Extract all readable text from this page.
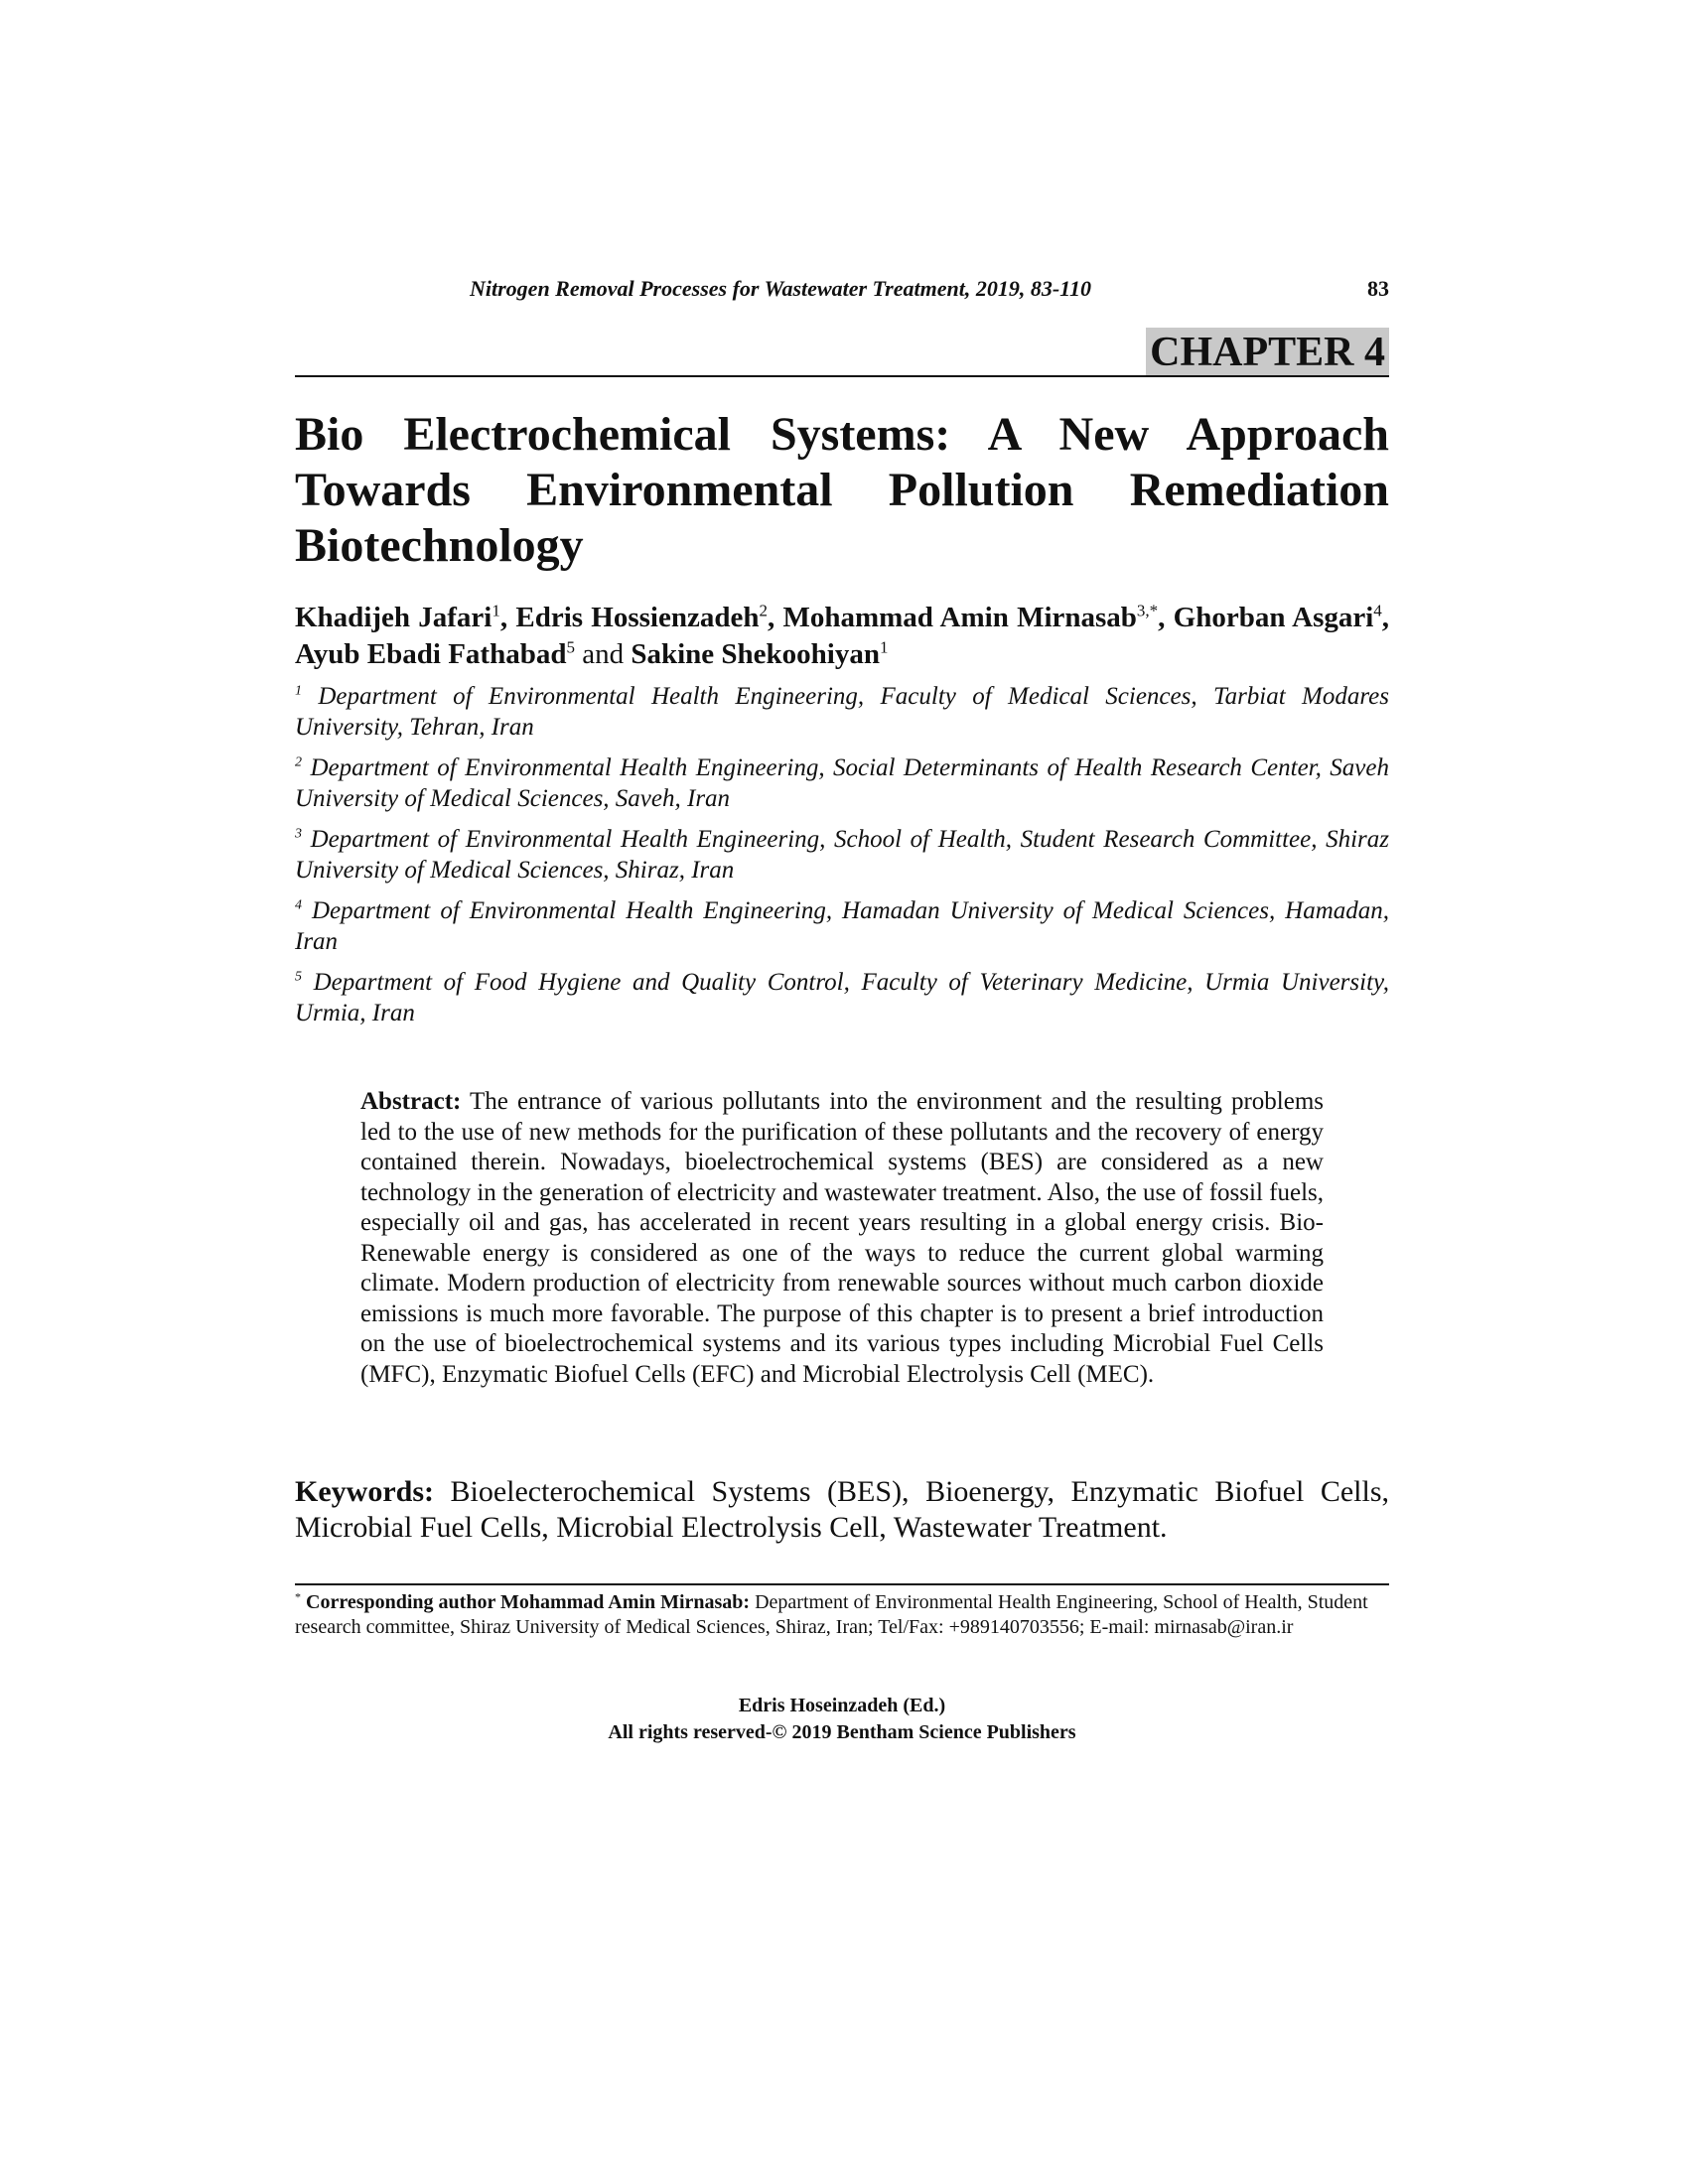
Nitrogen Removal Processes for Wastewater Treatment, 2019, 83-110	83
CHAPTER 4
Bio Electrochemical Systems: A New Approach Towards Environmental Pollution Remediation Biotechnology
Khadijeh Jafari$^1$, Edris Hossienzadeh$^2$, Mohammad Amin Mirnasab$^{3,*}$, Ghorban Asgari$^4$, Ayub Ebadi Fathabad$^5$ and Sakine Shekoohiyan$^1$

$^1$ Department of Environmental Health Engineering, Faculty of Medical Sciences, Tarbiat Modares University, Tehran, Iran

$^2$ Department of Environmental Health Engineering, Social Determinants of Health Research Center, Saveh University of Medical Sciences, Saveh, Iran

$^3$ Department of Environmental Health Engineering, School of Health, Student Research Committee, Shiraz University of Medical Sciences, Shiraz, Iran

$^4$ Department of Environmental Health Engineering, Hamadan University of Medical Sciences, Hamadan, Iran

$^5$ Department of Food Hygiene and Quality Control, Faculty of Veterinary Medicine, Urmia University, Urmia, Iran

Abstract: The entrance of various pollutants into the environment and the resulting problems led to the use of new methods for the purification of these pollutants and the recovery of energy contained therein. Nowadays, bioelectrochemical systems (BES) are considered as a new technology in the generation of electricity and wastewater treatment. Also, the use of fossil fuels, especially oil and gas, has accelerated in recent years resulting in a global energy crisis. Bio-Renewable energy is considered as one of the ways to reduce the current global warming climate. Modern production of electricity from renewable sources without much carbon dioxide emissions is much more favorable. The purpose of this chapter is to present a brief introduction on the use of bioelectrochemical systems and its various types including Microbial Fuel Cells (MFC), Enzymatic Biofuel Cells (EFC) and Microbial Electrolysis Cell (MEC).

Keywords: Bioelecterochemical Systems (BES), Bioenergy, Enzymatic Biofuel Cells, Microbial Fuel Cells, Microbial Electrolysis Cell, Wastewater Treatment.

* Corresponding author Mohammad Amin Mirnasab: Department of Environmental Health Engineering, School of Health, Student research committee, Shiraz University of Medical Sciences, Shiraz, Iran; Tel/Fax: +989140703556; E-mail: mirnasab@iran.ir

Edris Hoseinzadeh (Ed.)
All rights reserved-© 2019 Bentham Science Publishers
